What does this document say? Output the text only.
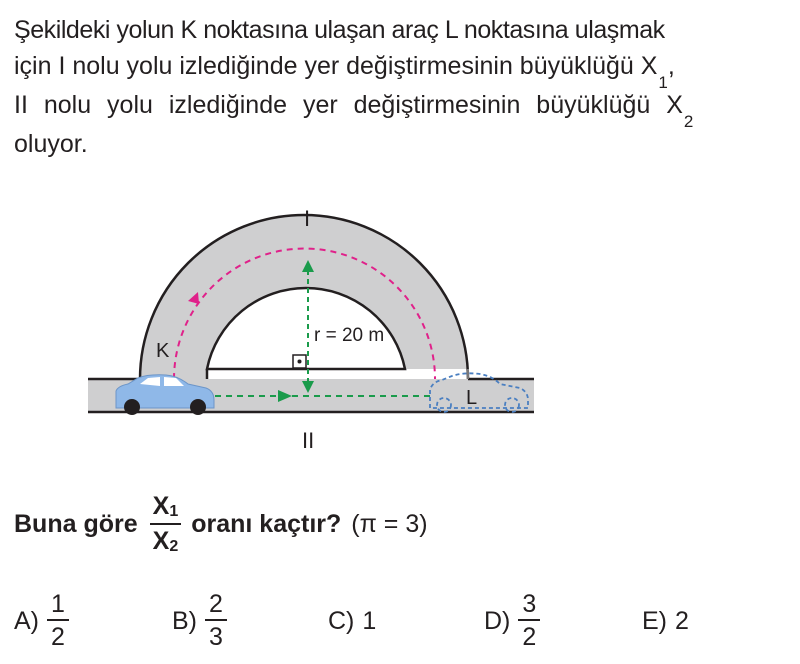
Şekildeki yolun K noktasına ulaşan araç L noktasına ulaşmak
için I nolu yolu izlediğinde yer değiştirmesinin büyüklüğü $X_1$,
II nolu yolu izlediğinde yer değiştirmesinin büyüklüğü $X_2$
oluyor.
r = 20 m
I
II
K
L
Buna göre $\frac{X_1}{X_2}$ oranı kaçtır? (π = 3)
$A) \frac{1}{2}$	$B) \frac{2}{3}$	C) 1	$D) \frac{3}{2}$	E) 2
